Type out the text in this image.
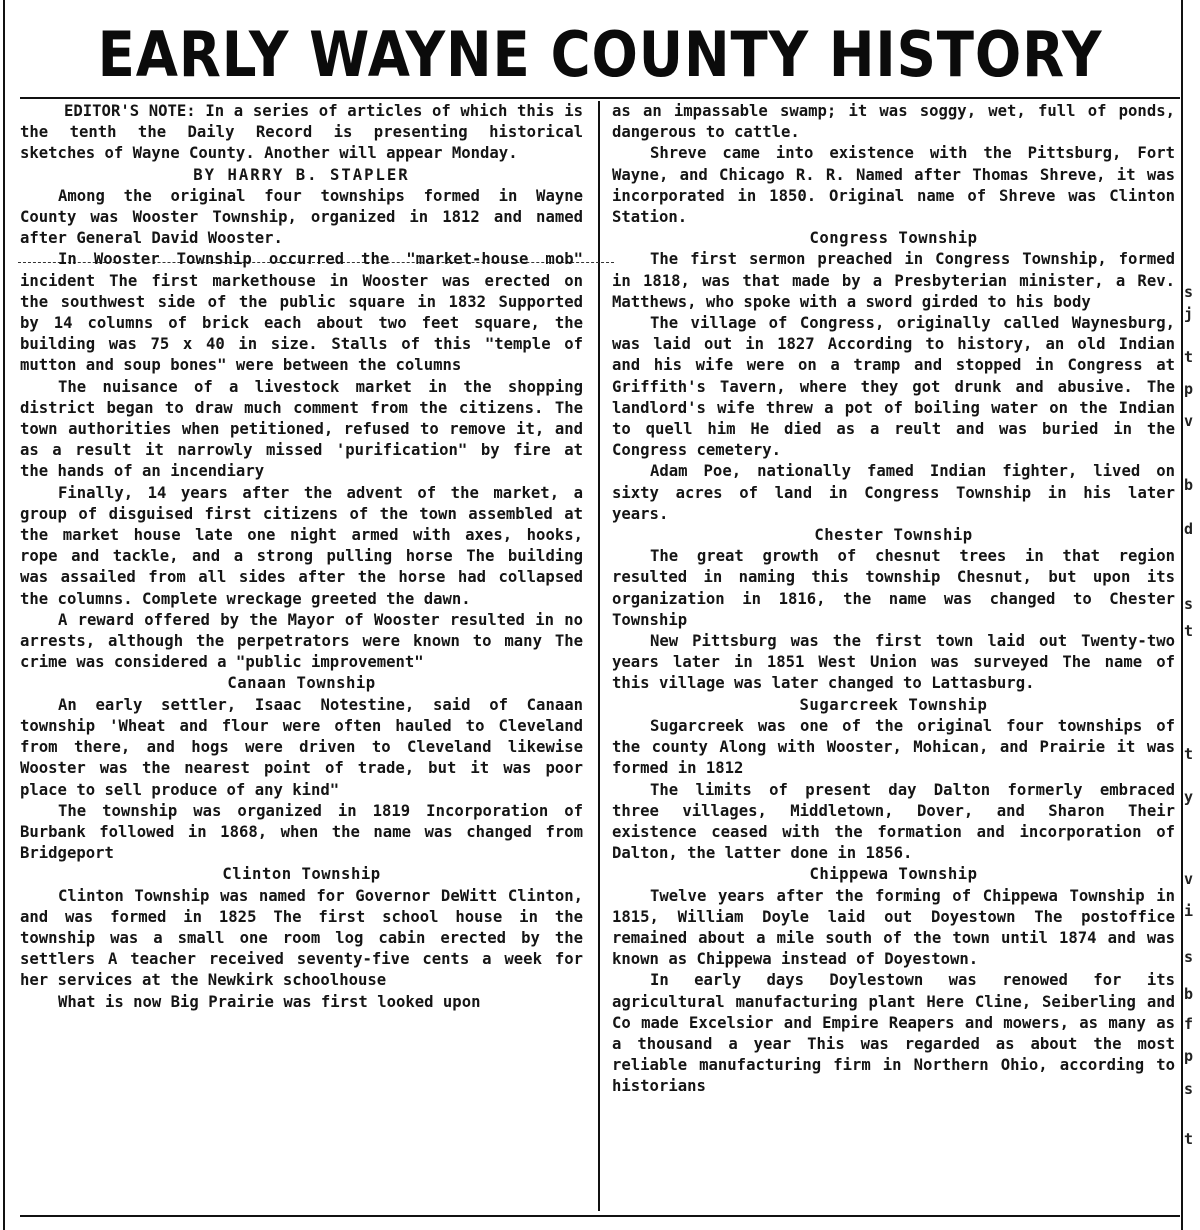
EARLY WAYNE COUNTY HISTORY

EDITOR'S NOTE: In a series of articles of which this is the tenth the Daily Record is presenting historical sketches of Wayne County. Another will appear Monday.

BY HARRY B. STAPLER

Among the original four townships formed in Wayne County was Wooster Township, organized in 1812 and named after General David Wooster.

In Wooster Township occurred the "market-house mob" incident The first markethouse in Wooster was erected on the southwest side of the public square in 1832 Supported by 14 columns of brick each about two feet square, the building was 75 x 40 in size. Stalls of this "temple of mutton and soup bones" were between the columns

The nuisance of a livestock market in the shopping district began to draw much comment from the citizens. The town authorities when petitioned, refused to remove it, and as a result it narrowly missed 'purification" by fire at the hands of an incendiary

Finally, 14 years after the advent of the market, a group of disguised first citizens of the town assembled at the market house late one night armed with axes, hooks, rope and tackle, and a strong pulling horse The building was assailed from all sides after the horse had collapsed the columns. Complete wreckage greeted the dawn.

A reward offered by the Mayor of Wooster resulted in no arrests, although the perpetrators were known to many The crime was considered a "public improvement"

Canaan Township

An early settler, Isaac Notestine, said of Canaan township 'Wheat and flour were often hauled to Cleveland from there, and hogs were driven to Cleveland likewise Wooster was the nearest point of trade, but it was poor place to sell produce of any kind"

The township was organized in 1819 Incorporation of Burbank followed in 1868, when the name was changed from Bridgeport

Clinton Township

Clinton Township was named for Governor DeWitt Clinton, and was formed in 1825 The first school house in the township was a small one room log cabin erected by the settlers A teacher received seventy-five cents a week for her services at the Newkirk schoolhouse

What is now Big Prairie was first looked upon

as an impassable swamp; it was soggy, wet, full of ponds, dangerous to cattle.

Shreve came into existence with the Pittsburg, Fort Wayne, and Chicago R. R. Named after Thomas Shreve, it was incorporated in 1850. Original name of Shreve was Clinton Station.

Congress Township

The first sermon preached in Congress Township, formed in 1818, was that made by a Presbyterian minister, a Rev. Matthews, who spoke with a sword girded to his body

The village of Congress, originally called Waynesburg, was laid out in 1827 According to history, an old Indian and his wife were on a tramp and stopped in Congress at Griffith's Tavern, where they got drunk and abusive. The landlord's wife threw a pot of boiling water on the Indian to quell him He died as a reult and was buried in the Congress cemetery.

Adam Poe, nationally famed Indian fighter, lived on sixty acres of land in Congress Township in his later years.

Chester Township

The great growth of chesnut trees in that region resulted in naming this township Chesnut, but upon its organization in 1816, the name was changed to Chester Township

New Pittsburg was the first town laid out Twenty-two years later in 1851 West Union was surveyed The name of this village was later changed to Lattasburg.

Sugarcreek Township

Sugarcreek was one of the original four townships of the county Along with Wooster, Mohican, and Prairie it was formed in 1812

The limits of present day Dalton formerly embraced three villages, Middletown, Dover, and Sharon Their existence ceased with the formation and incorporation of Dalton, the latter done in 1856.

Chippewa Township

Twelve years after the forming of Chippewa Township in 1815, William Doyle laid out Doyestown The postoffice remained about a mile south of the town until 1874 and was known as Chippewa instead of Doyestown.

In early days Doylestown was renowed for its agricultural manufacturing plant Here Cline, Seiberling and Co made Excelsior and Empire Reapers and mowers, as many as a thousand a year This was regarded as about the most reliable manufacturing firm in Northern Ohio, according to historians

s
j
t
p
v
b
d
s
t
t
y
v
i
s
b
f
p
s
t
